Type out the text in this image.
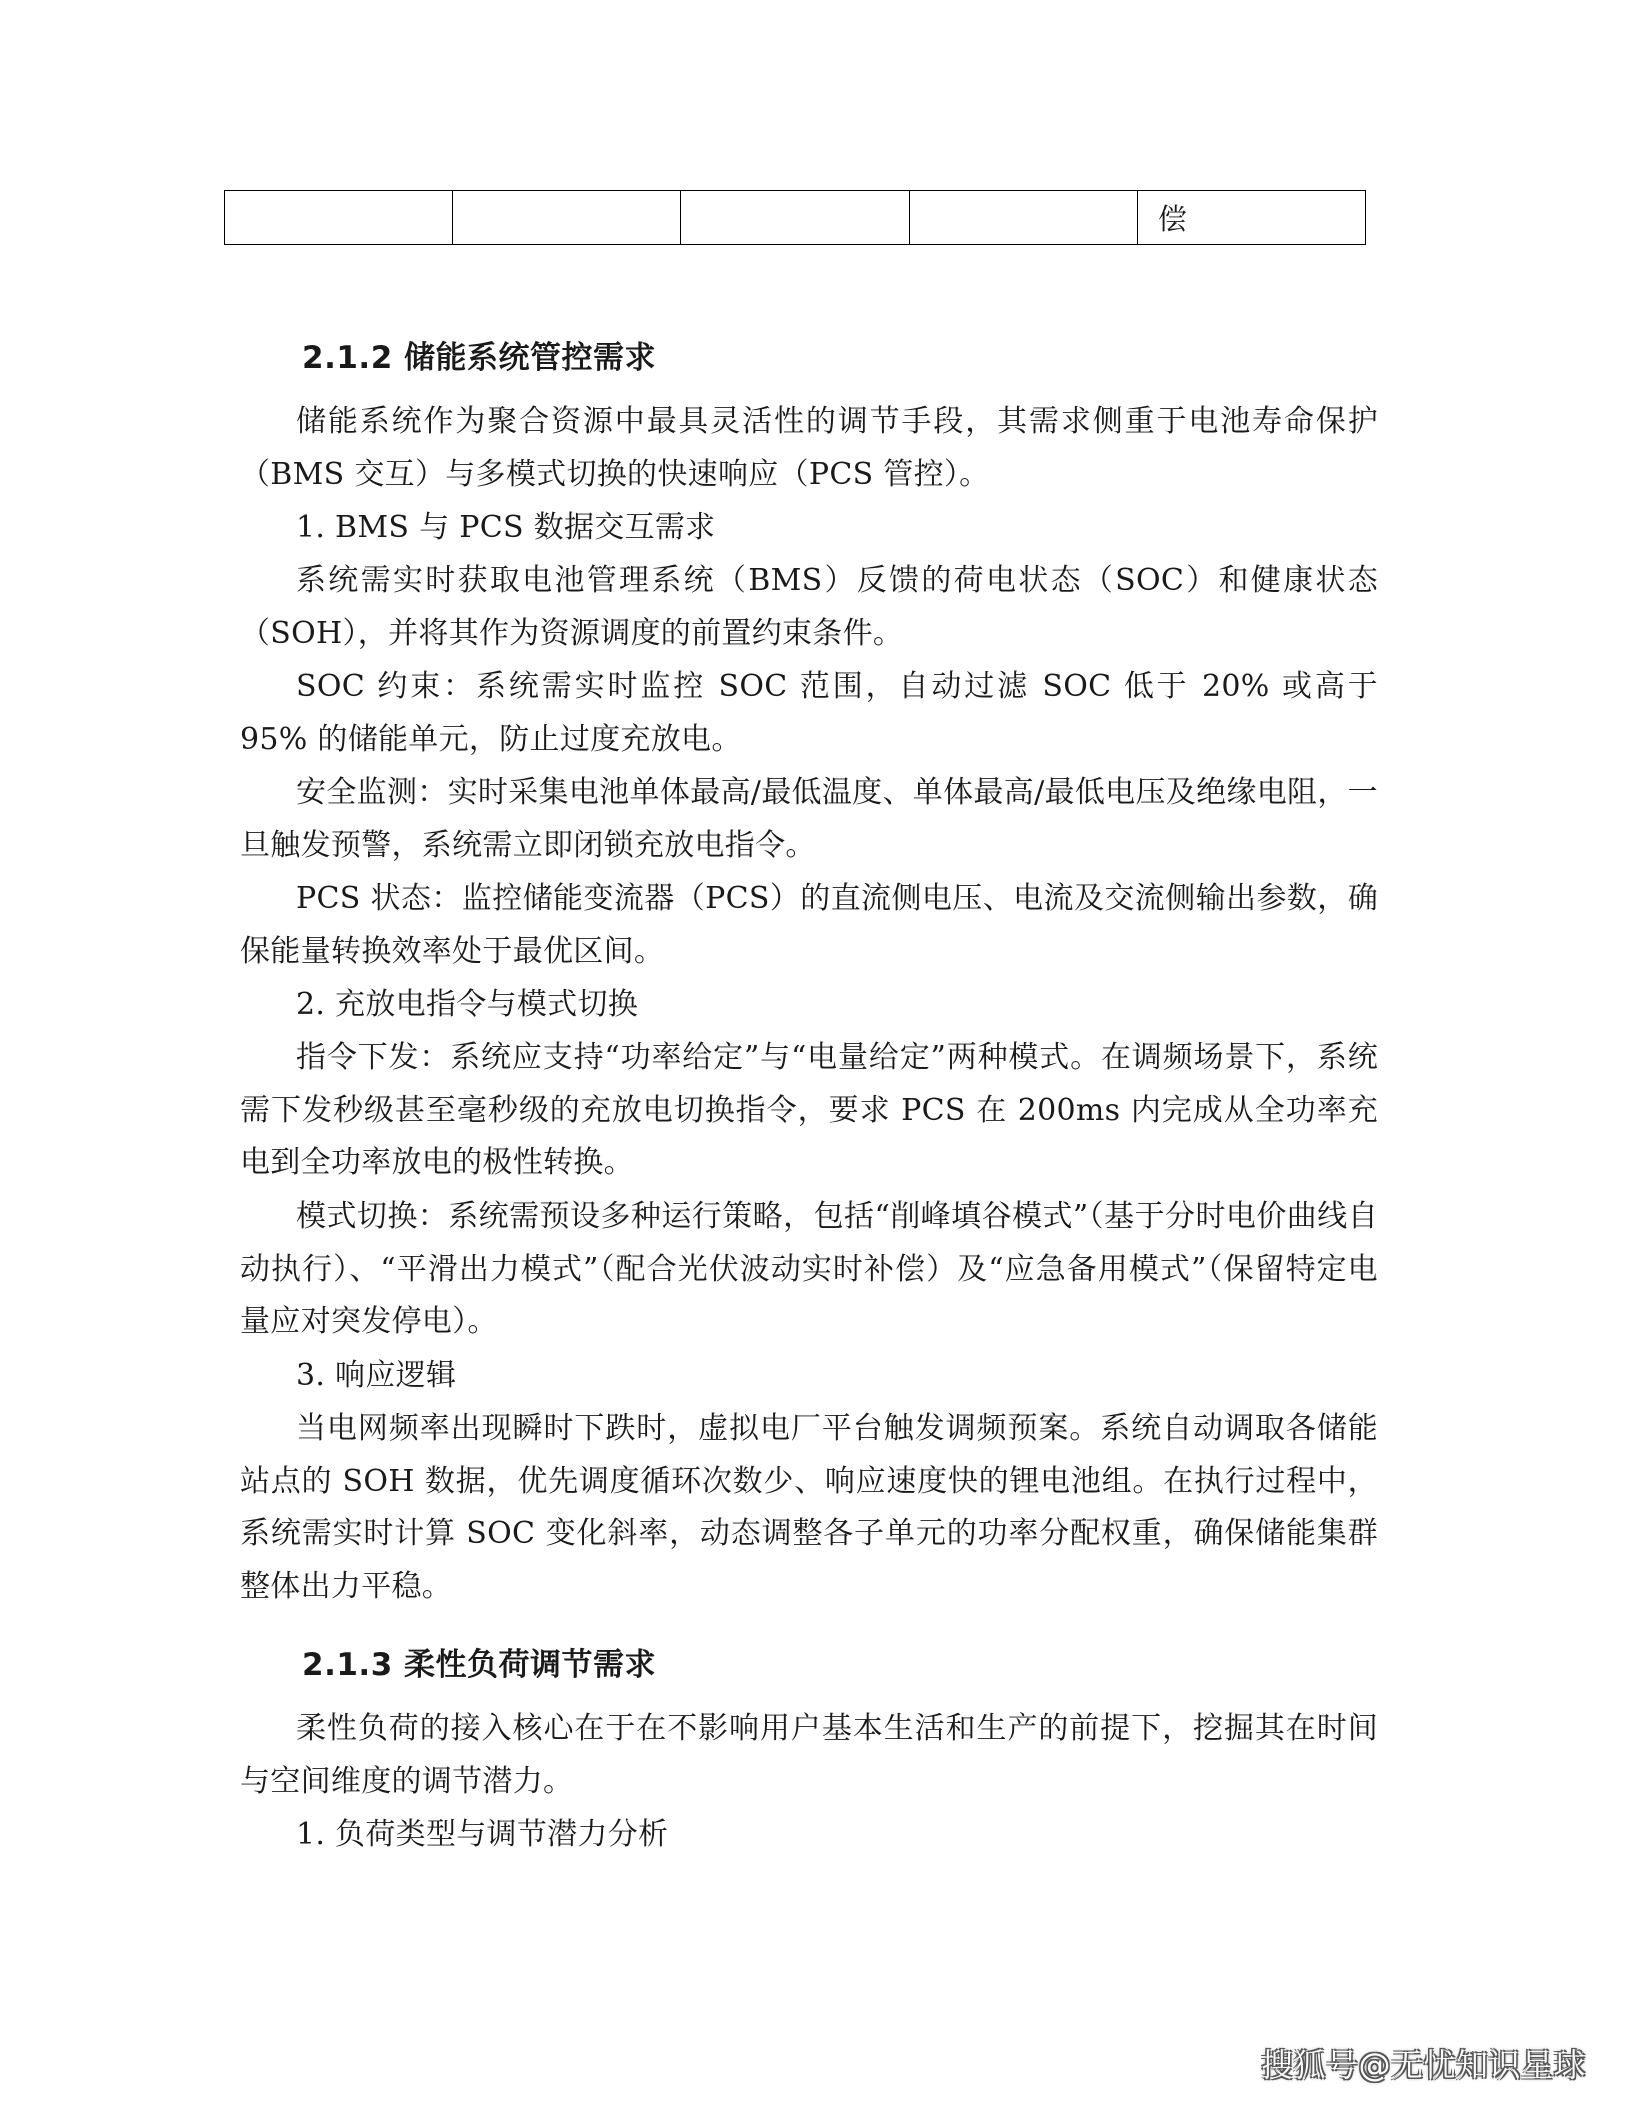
				偿
2.1.2 储能系统管控需求

储能系统作为聚合资源中最具灵活性的调节手段，其需求侧重于电池寿命保护（BMS 交互）与多模式切换的快速响应（PCS 管控）。

1. BMS 与 PCS 数据交互需求

系统需实时获取电池管理系统（BMS）反馈的荷电状态（SOC）和健康状态（SOH），并将其作为资源调度的前置约束条件。

SOC 约束：系统需实时监控 SOC 范围，自动过滤 SOC 低于 20% 或高于 95% 的储能单元，防止过度充放电。

安全监测：实时采集电池单体最高/最低温度、单体最高/最低电压及绝缘电阻，一旦触发预警，系统需立即闭锁充放电指令。

PCS 状态：监控储能变流器（PCS）的直流侧电压、电流及交流侧输出参数，确保能量转换效率处于最优区间。

2. 充放电指令与模式切换

指令下发：系统应支持“功率给定”与“电量给定”两种模式。在调频场景下，系统需下发秒级甚至毫秒级的充放电切换指令，要求 PCS 在 200ms 内完成从全功率充电到全功率放电的极性转换。

模式切换：系统需预设多种运行策略，包括“削峰填谷模式”（基于分时电价曲线自动执行）、“平滑出力模式”（配合光伏波动实时补偿）及“应急备用模式”（保留特定电量应对突发停电）。

3. 响应逻辑

当电网频率出现瞬时下跌时，虚拟电厂平台触发调频预案。系统自动调取各储能站点的 SOH 数据，优先调度循环次数少、响应速度快的锂电池组。在执行过程中，系统需实时计算 SOC 变化斜率，动态调整各子单元的功率分配权重，确保储能集群整体出力平稳。

2.1.3 柔性负荷调节需求

柔性负荷的接入核心在于在不影响用户基本生活和生产的前提下，挖掘其在时间与空间维度的调节潜力。

1. 负荷类型与调节潜力分析

搜狐号@无忧知识星球
